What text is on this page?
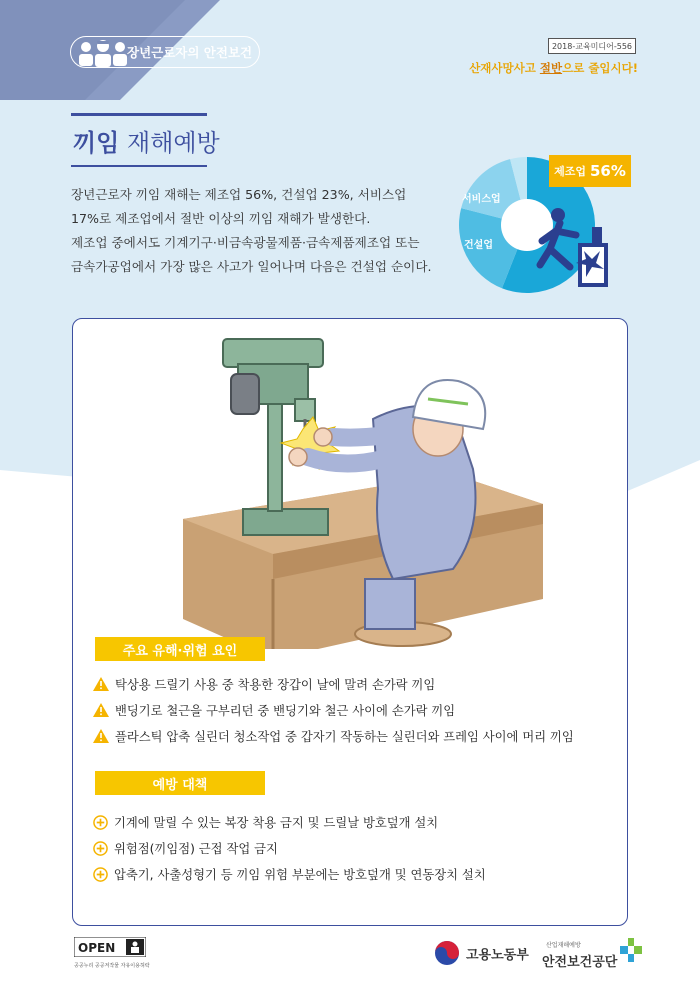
장년근로자의 안전보건	2018-교육미디어-556
산재사망사고 절반으로 줄입시다!
끼임 재해예방

장년근로자 끼임 재해는 제조업 56%, 건설업 23%, 서비스업

17%로 제조업에서 절반 이상의 끼임 재해가 발생한다.

제조업 중에서도 기계기구·비금속광물제품·금속제품제조업 또는

금속가공업에서 가장 많은 사고가 일어나며 다음은 건설업 순이다.

제조업 56%
서비스업
건설업
주요 유해·위험 요인
탁상용 드릴기 사용 중 착용한 장갑이 날에 말려 손가락 끼임
밴딩기로 철근을 구부리던 중 밴딩기와 철근 사이에 손가락 끼임
플라스틱 압축 실린더 청소작업 중 갑자기 작동하는 실린더와 프레임 사이에 머리 끼임
예방 대책
기계에 말릴 수 있는 복장 착용 금지 및 드릴날 방호덮개 설치
위험점(끼임점) 근접 작업 금지
압축기, 사출성형기 등 끼임 위험 부분에는 방호덮개 및 연동장치 설치
OPEN
공공누리 공공저작물 자유이용허락
고용노동부
산업재해예방
안전보건공단
